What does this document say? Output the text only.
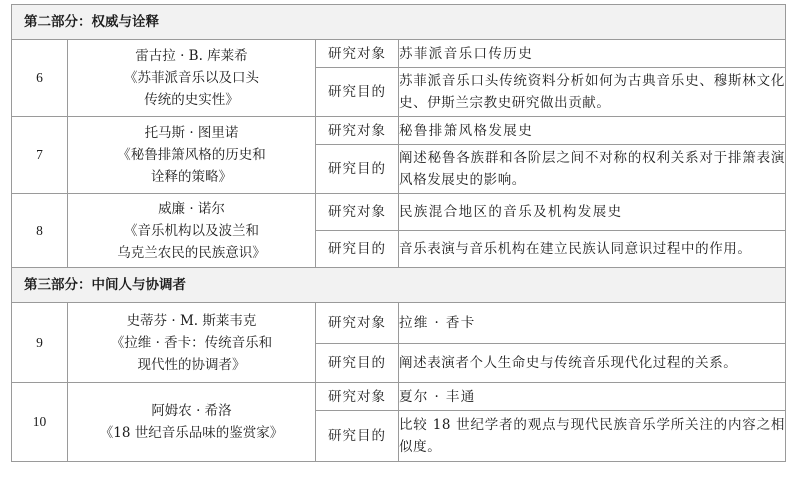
第二部分：权威与诠释			
6	雷古拉 · B. 库莱希
《苏菲派音乐以及口头
传统的史实性》	研究对象	苏菲派音乐口传历史
		研究目的	苏菲派音乐口头传统资料分析如何为古典音乐史、穆斯林文化史、伊斯兰宗教史研究做出贡献。
7	托马斯 · 图里诺
《秘鲁排箫风格的历史和
诠释的策略》	研究对象	秘鲁排箫风格发展史
		研究目的	阐述秘鲁各族群和各阶层之间不对称的权利关系对于排箫表演风格发展史的影响。
8	威廉 · 诺尔
《音乐机构以及波兰和
乌克兰农民的民族意识》	研究对象	民族混合地区的音乐及机构发展史
		研究目的	音乐表演与音乐机构在建立民族认同意识过程中的作用。
第三部分：中间人与协调者			
9	史蒂芬 · M. 斯莱韦克
《拉维 · 香卡：传统音乐和
现代性的协调者》	研究对象	拉维 · 香卡
		研究目的	阐述表演者个人生命史与传统音乐现代化过程的关系。
10	阿姆农 · 希洛
《18 世纪音乐品味的鉴赏家》	研究对象	夏尔 · 丰通
		研究目的	比较 18 世纪学者的观点与现代民族音乐学所关注的内容之相似度。
